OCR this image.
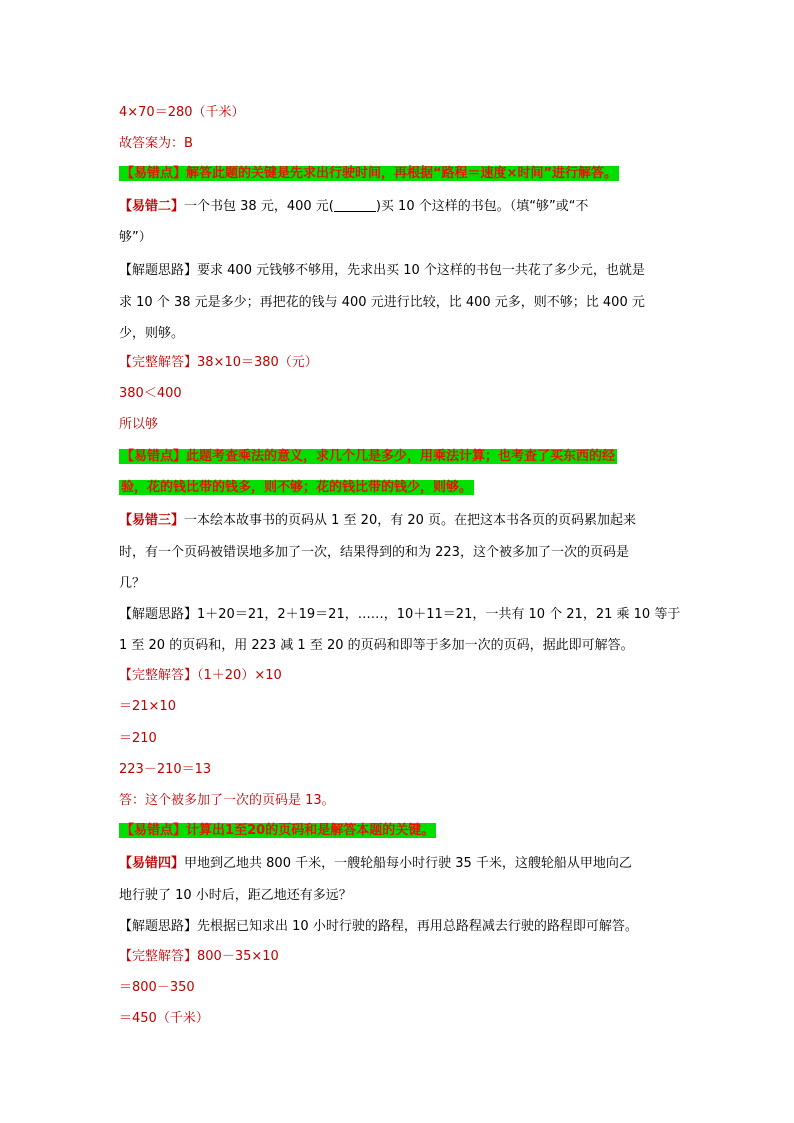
4×70＝280（千米）
故答案为：B
【易错点】解答此题的关键是先求出行驶时间，再根据“路程＝速度×时间”进行解答。
【易错二】一个书包 38 元，400 元(	)买 10 个这样的书包。（填“够”或“不
够”）
【解题思路】要求 400 元钱够不够用，先求出买 10 个这样的书包一共花了多少元，也就是
求 10 个 38 元是多少；再把花的钱与 400 元进行比较，比 400 元多，则不够；比 400 元
少，则够。
【完整解答】38×10＝380（元）
380＜400
所以够
【易错点】此题考查乘法的意义，求几个几是多少，用乘法计算；也考查了买东西的经
验，花的钱比带的钱多，则不够；花的钱比带的钱少，则够。
【易错三】一本绘本故事书的页码从 1 至 20，有 20 页。在把这本书各页的页码累加起来
时，有一个页码被错误地多加了一次，结果得到的和为 223，这个被多加了一次的页码是
几？
【解题思路】1＋20＝21，2＋19＝21，……，10＋11＝21，一共有 10 个 21，21 乘 10 等于
1 至 20 的页码和，用 223 减 1 至 20 的页码和即等于多加一次的页码，据此即可解答。
【完整解答】（1＋20）×10
＝21×10
＝210
223－210＝13
答：这个被多加了一次的页码是 13。
【易错点】计算出1至20的页码和是解答本题的关键。
【易错四】甲地到乙地共 800 千米，一艘轮船每小时行驶 35 千米，这艘轮船从甲地向乙
地行驶了 10 小时后，距乙地还有多远？
【解题思路】先根据已知求出 10 小时行驶的路程，再用总路程减去行驶的路程即可解答。
【完整解答】800－35×10
＝800－350
＝450（千米）
